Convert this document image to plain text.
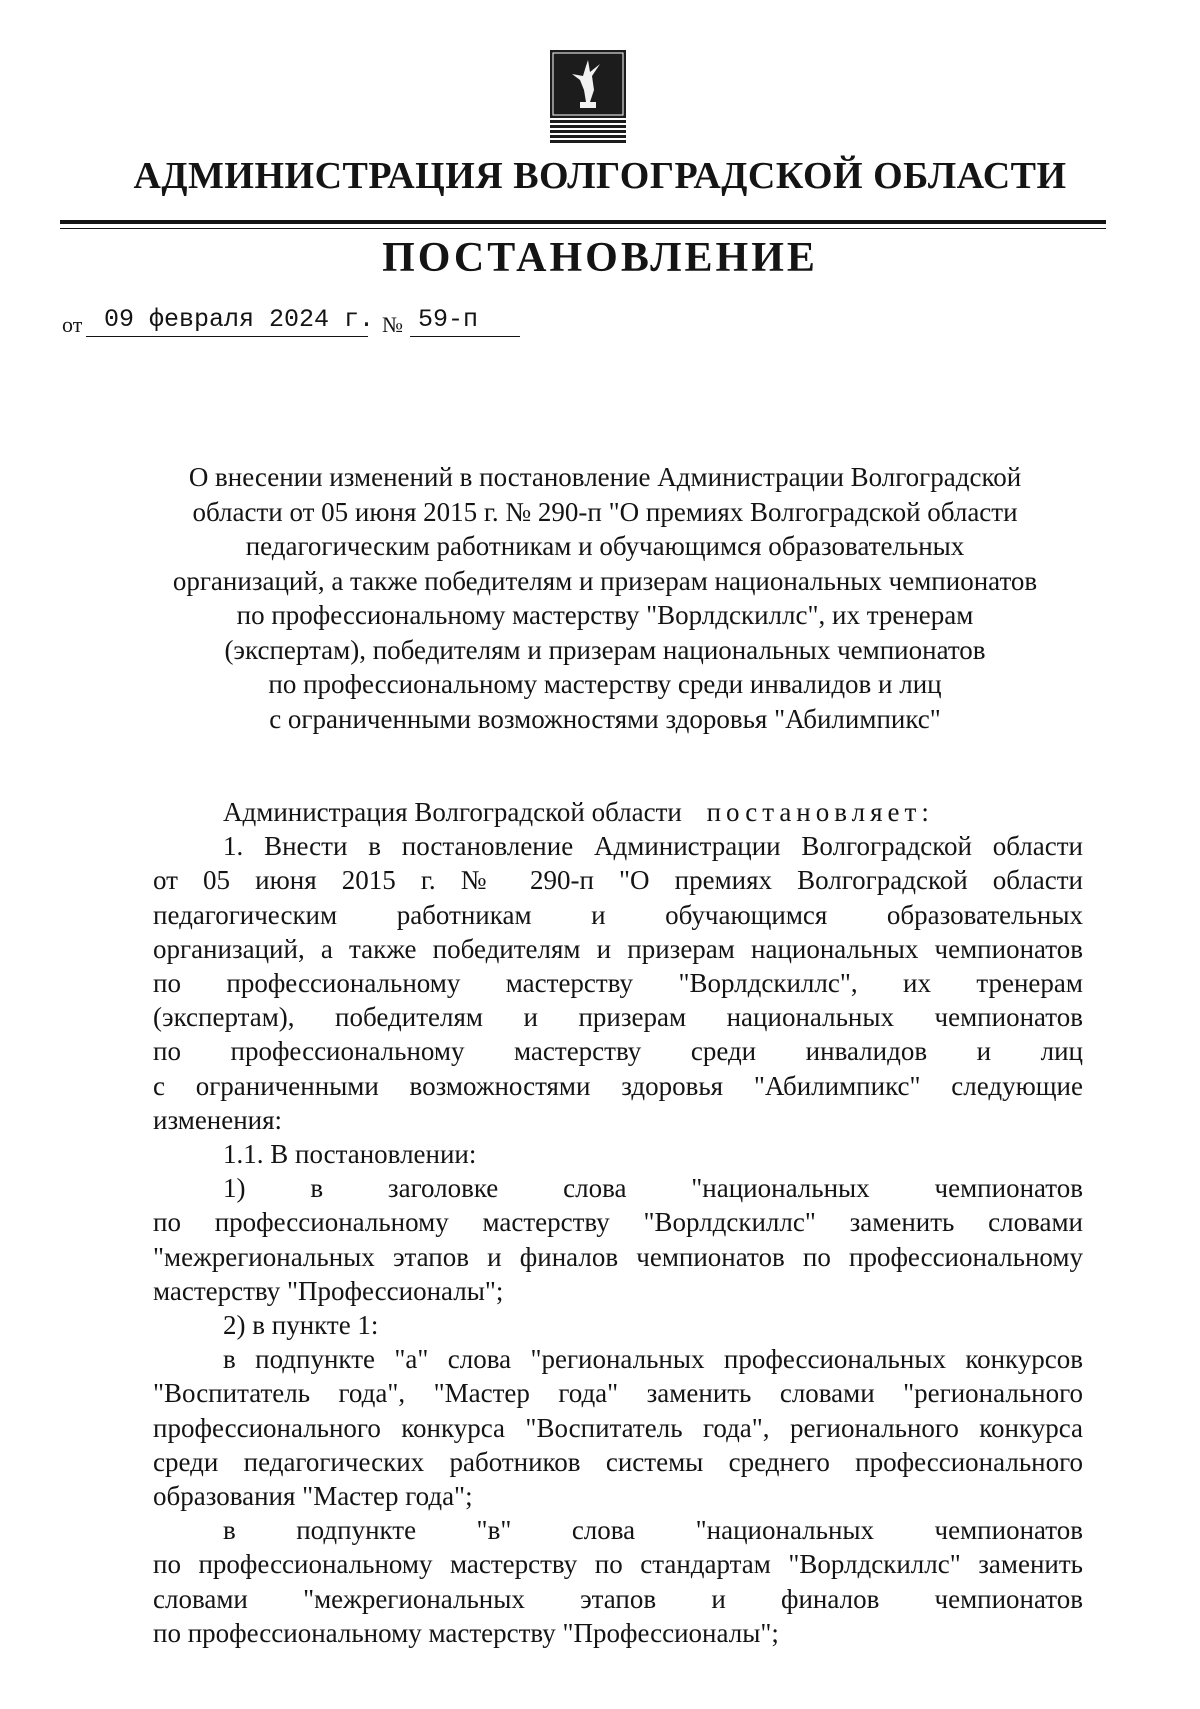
АДМИНИСТРАЦИЯ ВОЛГОГРАДСКОЙ ОБЛАСТИ
ПОСТАНОВЛЕНИЕ
от 09 февраля 2024 г. № 59-п
О внесении изменений в постановление Администрации Волгоградской
области от 05 июня 2015 г. № 290-п "О премиях Волгоградской области
педагогическим работникам и обучающимся образовательных
организаций, а также победителям и призерам национальных чемпионатов
по профессиональному мастерству "Ворлдскиллс", их тренерам
(экспертам), победителям и призерам национальных чемпионатов
по профессиональному мастерству среди инвалидов и лиц
с ограниченными возможностями здоровья "Абилимпикс"
Администрация Волгоградской области постановляет:
1. Внести в постановление Администрации Волгоградской области
от 05 июня 2015 г. № 290-п "О премиях Волгоградской области
педагогическим работникам и обучающимся образовательных
организаций, а также победителям и призерам национальных чемпионатов
по профессиональному мастерству "Ворлдскиллс", их тренерам
(экспертам), победителям и призерам национальных чемпионатов
по профессиональному мастерству среди инвалидов и лиц
с ограниченными возможностями здоровья "Абилимпикс" следующие
изменения:
1.1. В постановлении:
1) в заголовке слова "национальных чемпионатов
по профессиональному мастерству "Ворлдскиллс" заменить словами
"межрегиональных этапов и финалов чемпионатов по профессиональному
мастерству "Профессионалы";
2) в пункте 1:
в подпункте "а" слова "региональных профессиональных конкурсов
"Воспитатель года", "Мастер года" заменить словами "регионального
профессионального конкурса "Воспитатель года", регионального конкурса
среди педагогических работников системы среднего профессионального
образования "Мастер года";
в подпункте "в" слова "национальных чемпионатов
по профессиональному мастерству по стандартам "Ворлдскиллс" заменить
словами "межрегиональных этапов и финалов чемпионатов
по профессиональному мастерству "Профессионалы";
